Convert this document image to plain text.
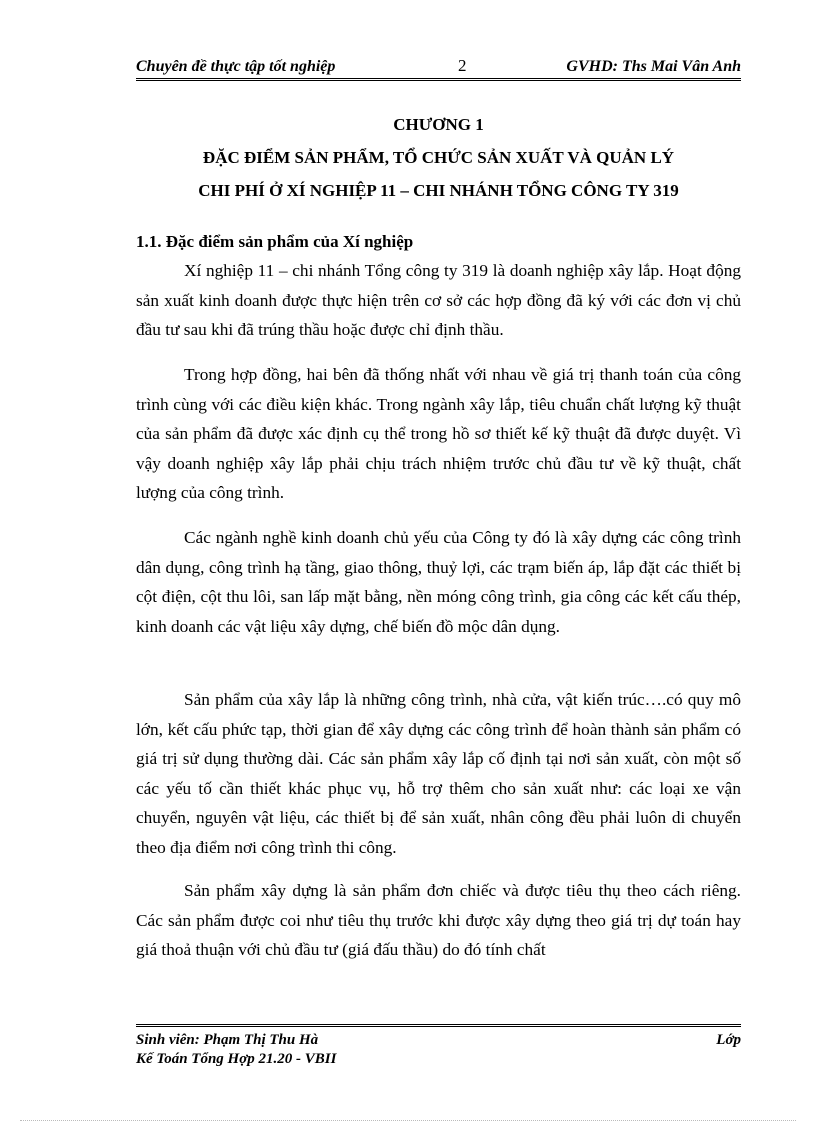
Chuyên đề thực tập tốt nghiệp	2	GVHD: Ths Mai Vân Anh
CHƯƠNG 1
ĐẶC ĐIỂM SẢN PHẨM, TỔ CHỨC SẢN XUẤT VÀ QUẢN LÝ
CHI PHÍ Ở XÍ NGHIỆP 11 – CHI NHÁNH TỔNG CÔNG TY 319
1.1. Đặc điểm sản phẩm của Xí nghiệp

Xí nghiệp 11 – chi nhánh Tổng công ty 319 là doanh nghiệp xây lắp. Hoạt động sản xuất kinh doanh được thực hiện trên cơ sở các hợp đồng đã ký với các đơn vị chủ đầu tư sau khi đã trúng thầu hoặc được chỉ định thầu.

Trong hợp đồng, hai bên đã thống nhất với nhau về giá trị thanh toán của công trình cùng với các điều kiện khác. Trong ngành xây lắp, tiêu chuẩn chất lượng kỹ thuật của sản phẩm đã được xác định cụ thể trong hồ sơ thiết kế kỹ thuật đã được duyệt. Vì vậy doanh nghiệp xây lắp phải chịu trách nhiệm trước chủ đầu tư về kỹ thuật, chất lượng của công trình.

Các ngành nghề kinh doanh chủ yếu của Công ty đó là xây dựng các công trình dân dụng, công trình hạ tầng, giao thông, thuỷ lợi, các trạm biến áp, lắp đặt các thiết bị cột điện, cột thu lôi, san lấp mặt bằng, nền móng công trình, gia công các kết cấu thép, kinh doanh các vật liệu xây dựng, chế biến đồ mộc dân dụng.

Sản phẩm của xây lắp là những công trình, nhà cửa, vật kiến trúc….có quy mô lớn, kết cấu phức tạp, thời gian để xây dựng các công trình để hoàn thành sản phẩm có giá trị sử dụng thường dài. Các sản phẩm xây lắp cố định tại nơi sản xuất, còn một số các yếu tố cần thiết khác phục vụ, hỗ trợ thêm cho sản xuất như: các loại xe vận chuyển, nguyên vật liệu, các thiết bị để sản xuất, nhân công đều phải luôn di chuyển theo địa điểm nơi công trình thi công.

Sản phẩm xây dựng là sản phẩm đơn chiếc và được tiêu thụ theo cách riêng. Các sản phẩm được coi như tiêu thụ trước khi được xây dựng theo giá trị dự toán hay giá thoả thuận với chủ đầu tư (giá đấu thầu) do đó tính chất

Sinh viên: Phạm Thị Thu Hà	Lớp
Kế Toán Tổng Hợp 21.20 - VBII
